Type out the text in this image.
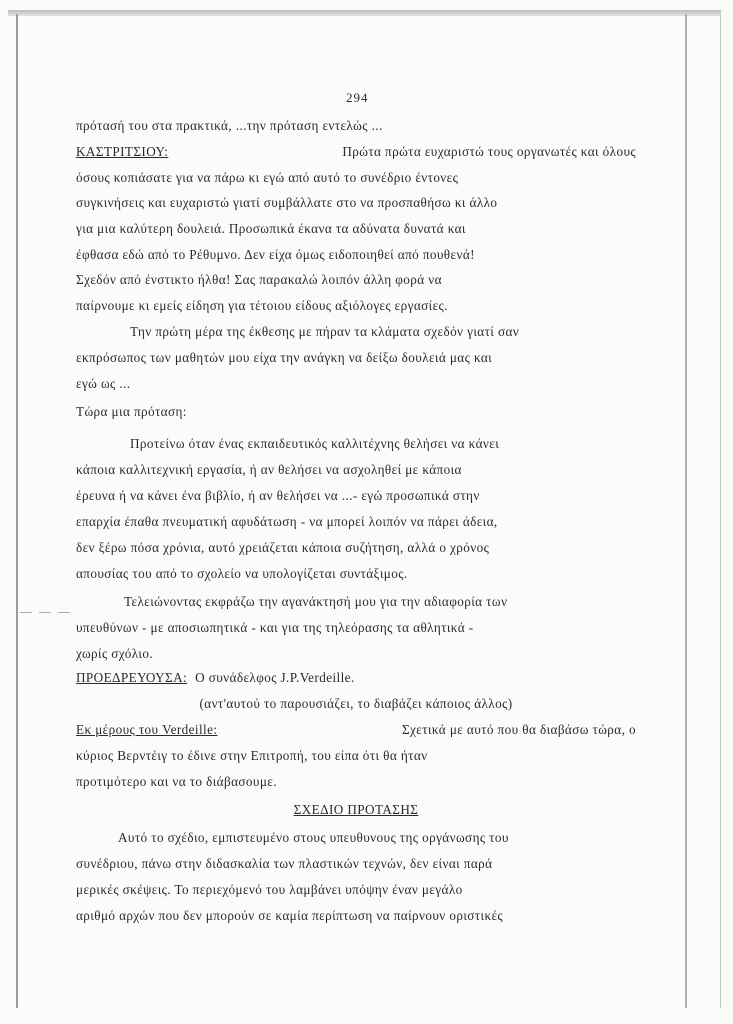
294
πρότασή του στα πρακτικά, ...την πρόταση εντελώς ...
ΚΑΣΤΡΙΤΣΙΟΥ:	Πρώτα πρώτα ευχαριστώ τους οργανωτές και όλους
όσους κοπιάσατε για να πάρω κι εγώ από αυτό το συνέδριο έντονες
συγκινήσεις και ευχαριστώ γιατί συμβάλλατε στο να προσπαθήσω κι άλλο
για μια καλύτερη δουλειά. Προσωπικά έκανα τα αδύνατα δυνατά και
έφθασα εδώ από το Ρέθυμνο. Δεν είχα όμως ειδοποιηθεί από πουθενά!
Σχεδόν από ένστικτο ήλθα! Σας παρακαλώ λοιπόν άλλη φορά να
παίρνουμε κι εμείς είδηση για τέτοιου είδους αξιόλογες εργασίες.
Την πρώτη μέρα της έκθεσης με πήραν τα κλάματα σχεδόν γιατί σαν
εκπρόσωπος των μαθητών μου είχα την ανάγκη να δείξω δουλειά μας και
εγώ ως ...
Τώρα μια πρόταση:
Προτείνω όταν ένας εκπαιδευτικός καλλιτέχνης θελήσει να κάνει
κάποια καλλιτεχνική εργασία, ή αν θελήσει να ασχοληθεί με κάποια
έρευνα ή να κάνει ένα βιβλίο, ή αν θελήσει να ...- εγώ προσωπικά στην
επαρχία έπαθα πνευματική αφυδάτωση - να μπορεί λοιπόν να πάρει άδεια,
δεν ξέρω πόσα χρόνια, αυτό χρειάζεται κάποια συζήτηση, αλλά ο χρόνος
απουσίας του από το σχολείο να υπολογίζεται συντάξιμος.
Τελειώνοντας εκφράζω την αγανάκτησή μου για την αδιαφορία των
υπευθύνων - με αποσιωπητικά - και για της τηλεόρασης τα αθλητικά -
χωρίς σχόλιο.
ΠΡΟΕΔΡΕΥΟΥΣΑ: Ο συνάδελφος J.P.Verdeille.
(αντ'αυτού το παρουσιάζει, το διαβάζει κάποιος άλλος)
Εκ μέρους του Verdeille:	Σχετικά με αυτό που θα διαβάσω τώρα, ο
κύριος Βερντέιγ το έδινε στην Επιτροπή, του είπα ότι θα ήταν
προτιμότερο και να το διάβασουμε.
ΣΧΕΔΙΟ ΠΡΟΤΑΣΗΣ
Αυτό το σχέδιο, εμπιστευμένο στους υπευθυνους της οργάνωσης του
συνέδριου, πάνω στην διδασκαλία των πλαστικών τεχνών, δεν είναι παρά
μερικές σκέψεις. Το περιεχόμενό του λαμβάνει υπόψην έναν μεγάλο
αριθμό αρχών που δεν μπορούν σε καμία περίπτωση να παίρνουν οριστικές
— — —
